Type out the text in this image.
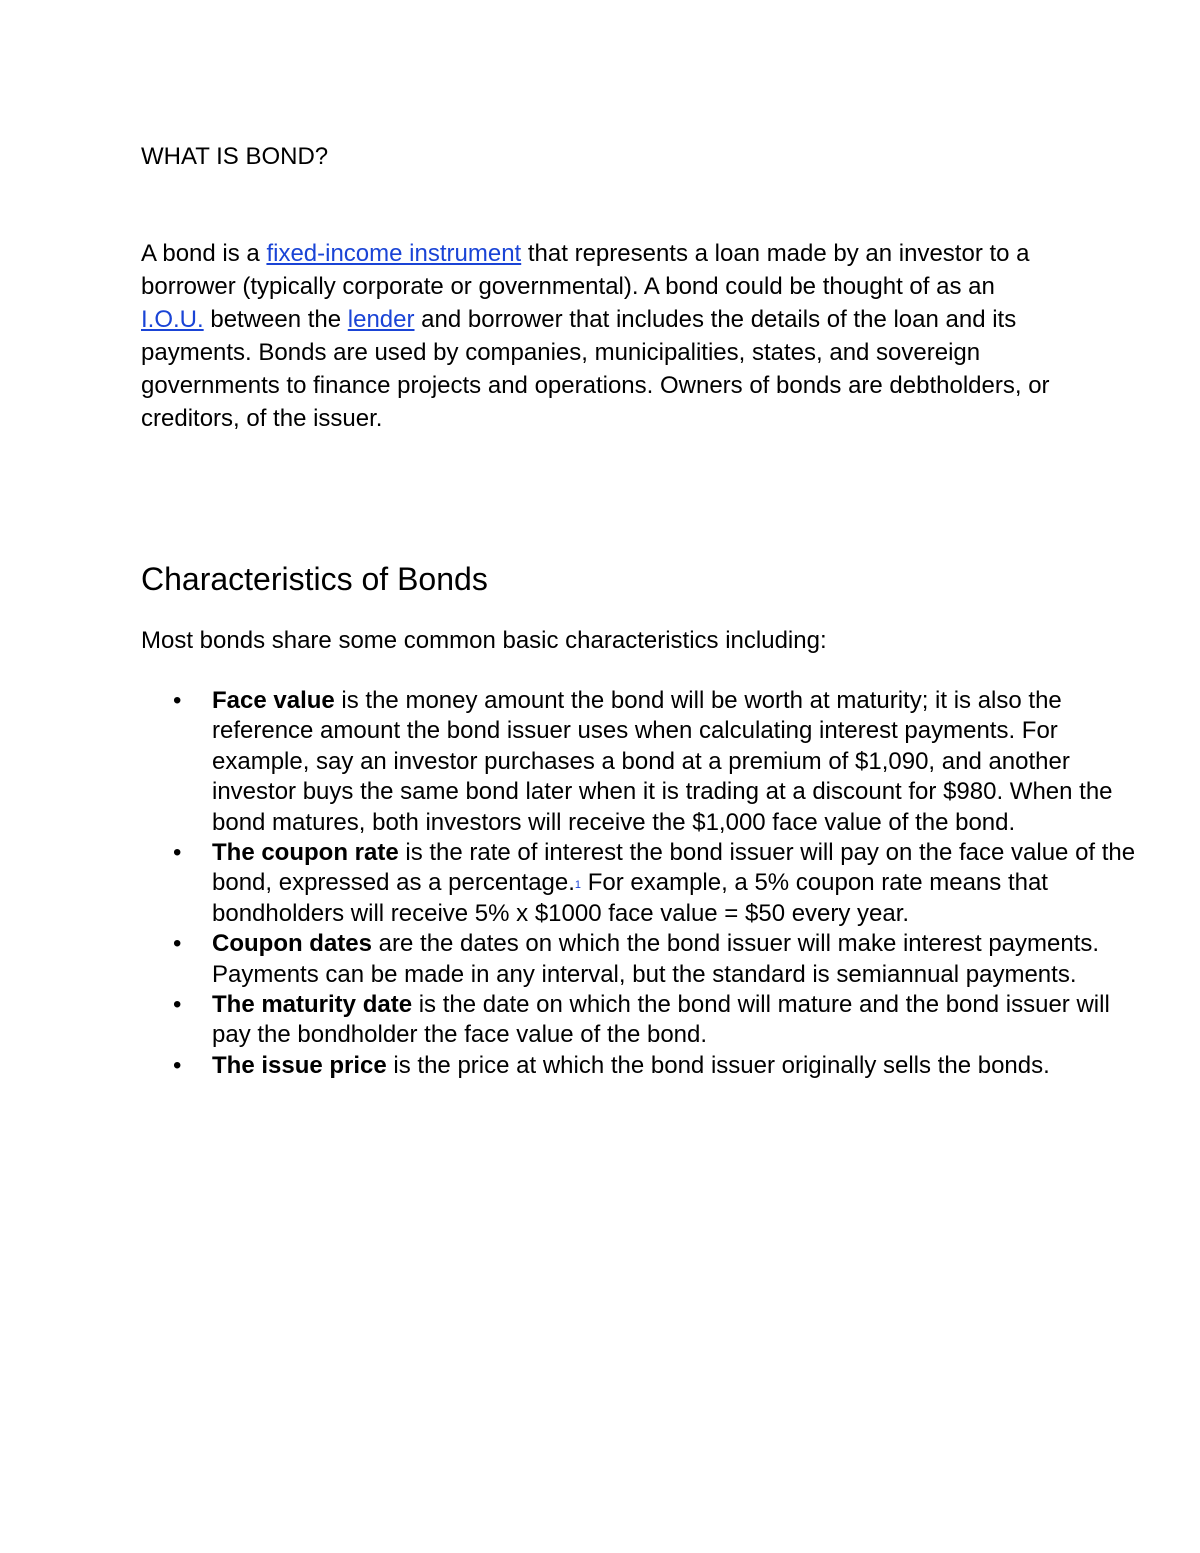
WHAT IS BOND?

A bond is a fixed-income instrument that represents a loan made by an investor to a borrower (typically corporate or governmental). A bond could be thought of as an I.O.U. between the lender and borrower that includes the details of the loan and its payments. Bonds are used by companies, municipalities, states, and sovereign governments to finance projects and operations. Owners of bonds are debtholders, or creditors, of the issuer.

Characteristics of Bonds

Most bonds share some common basic characteristics including:

• Face value is the money amount the bond will be worth at maturity; it is also the reference amount the bond issuer uses when calculating interest payments. For example, say an investor purchases a bond at a premium of $1,090, and another investor buys the same bond later when it is trading at a discount for $980. When the bond matures, both investors will receive the $1,000 face value of the bond.
• The coupon rate is the rate of interest the bond issuer will pay on the face value of the bond, expressed as a percentage.$^1$ For example, a 5% coupon rate means that bondholders will receive 5% x $1000 face value = $50 every year.
• Coupon dates are the dates on which the bond issuer will make interest payments. Payments can be made in any interval, but the standard is semiannual payments.
• The maturity date is the date on which the bond will mature and the bond issuer will pay the bondholder the face value of the bond.
• The issue price is the price at which the bond issuer originally sells the bonds.
